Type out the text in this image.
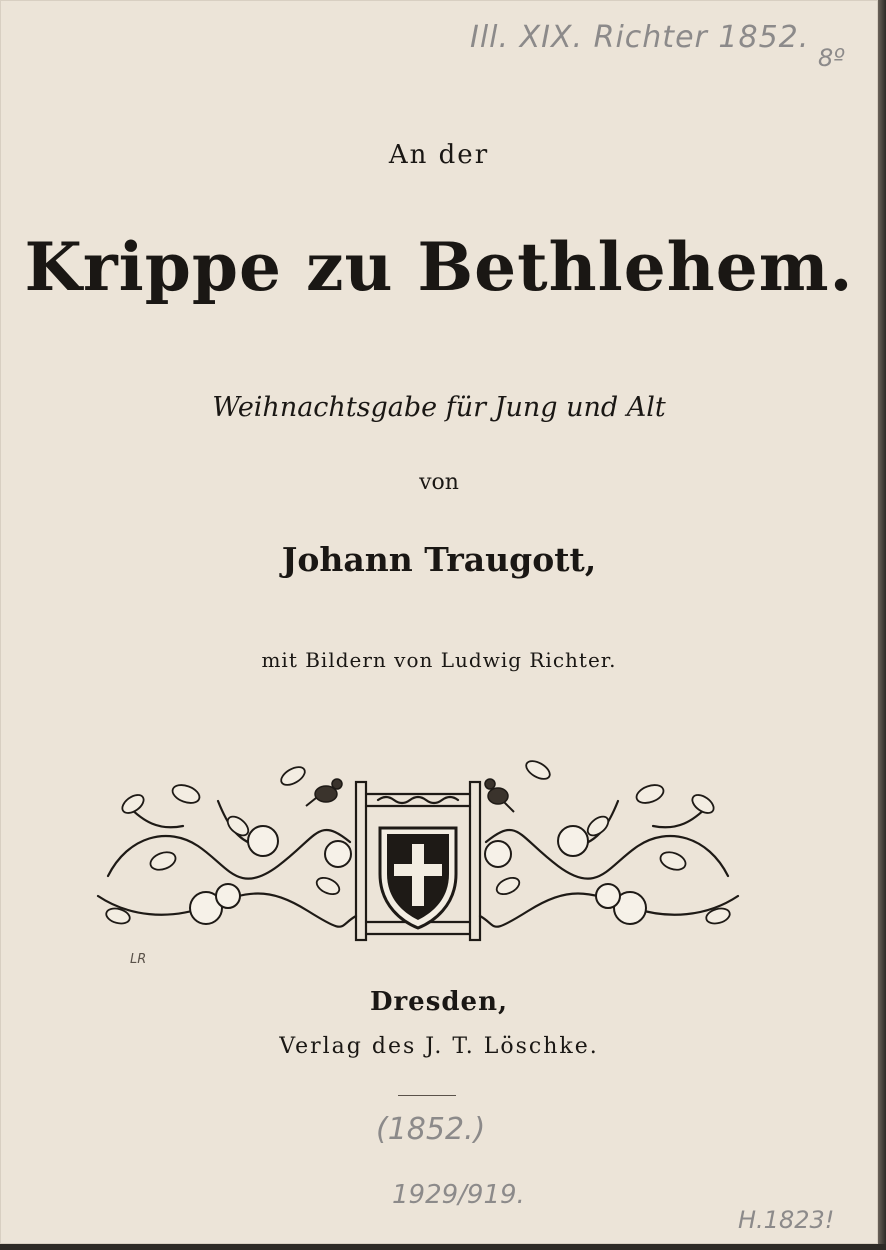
Ill. XIX. Richter 1852.
8º
An der
Krippe zu Bethlehem.
Weihnachtsgabe für Jung und Alt
von
Johann Traugott,
mit Bildern von Ludwig Richter.
LR
Dresden,
Verlag des J. T. Löschke.
(1852.)
1929/919.
H.1823!
